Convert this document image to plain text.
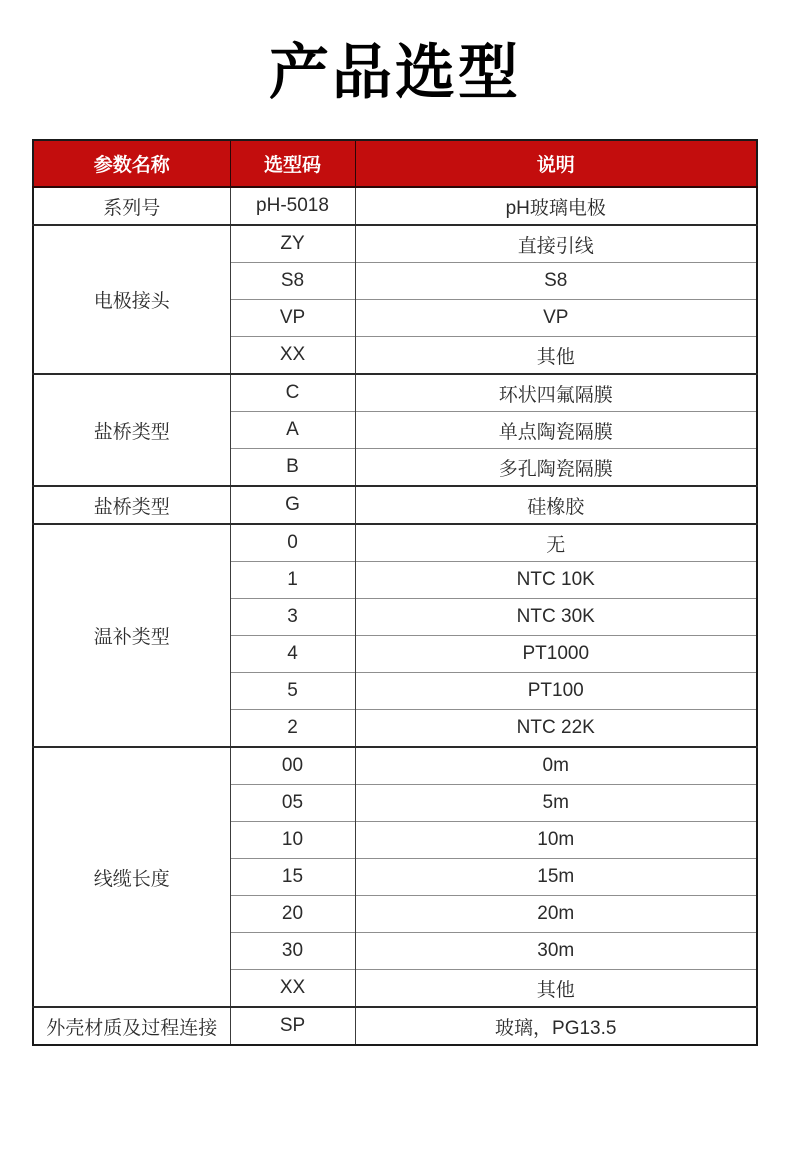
产品选型
参数名称	选型码	说明
系列号	pH-5018	pH玻璃电极
电极接头	ZY	直接引线
	S8	S8
	VP	VP
	XX	其他
盐桥类型	C	环状四氟隔膜
	A	单点陶瓷隔膜
	B	多孔陶瓷隔膜
盐桥类型	G	硅橡胶
温补类型	0	无
	1	NTC 10K
	3	NTC 30K
	4	PT1000
	5	PT100
	2	NTC 22K
线缆长度	00	0m
	05	5m
	10	10m
	15	15m
	20	20m
	30	30m
	XX	其他
外壳材质及过程连接	SP	玻璃，PG13.5
